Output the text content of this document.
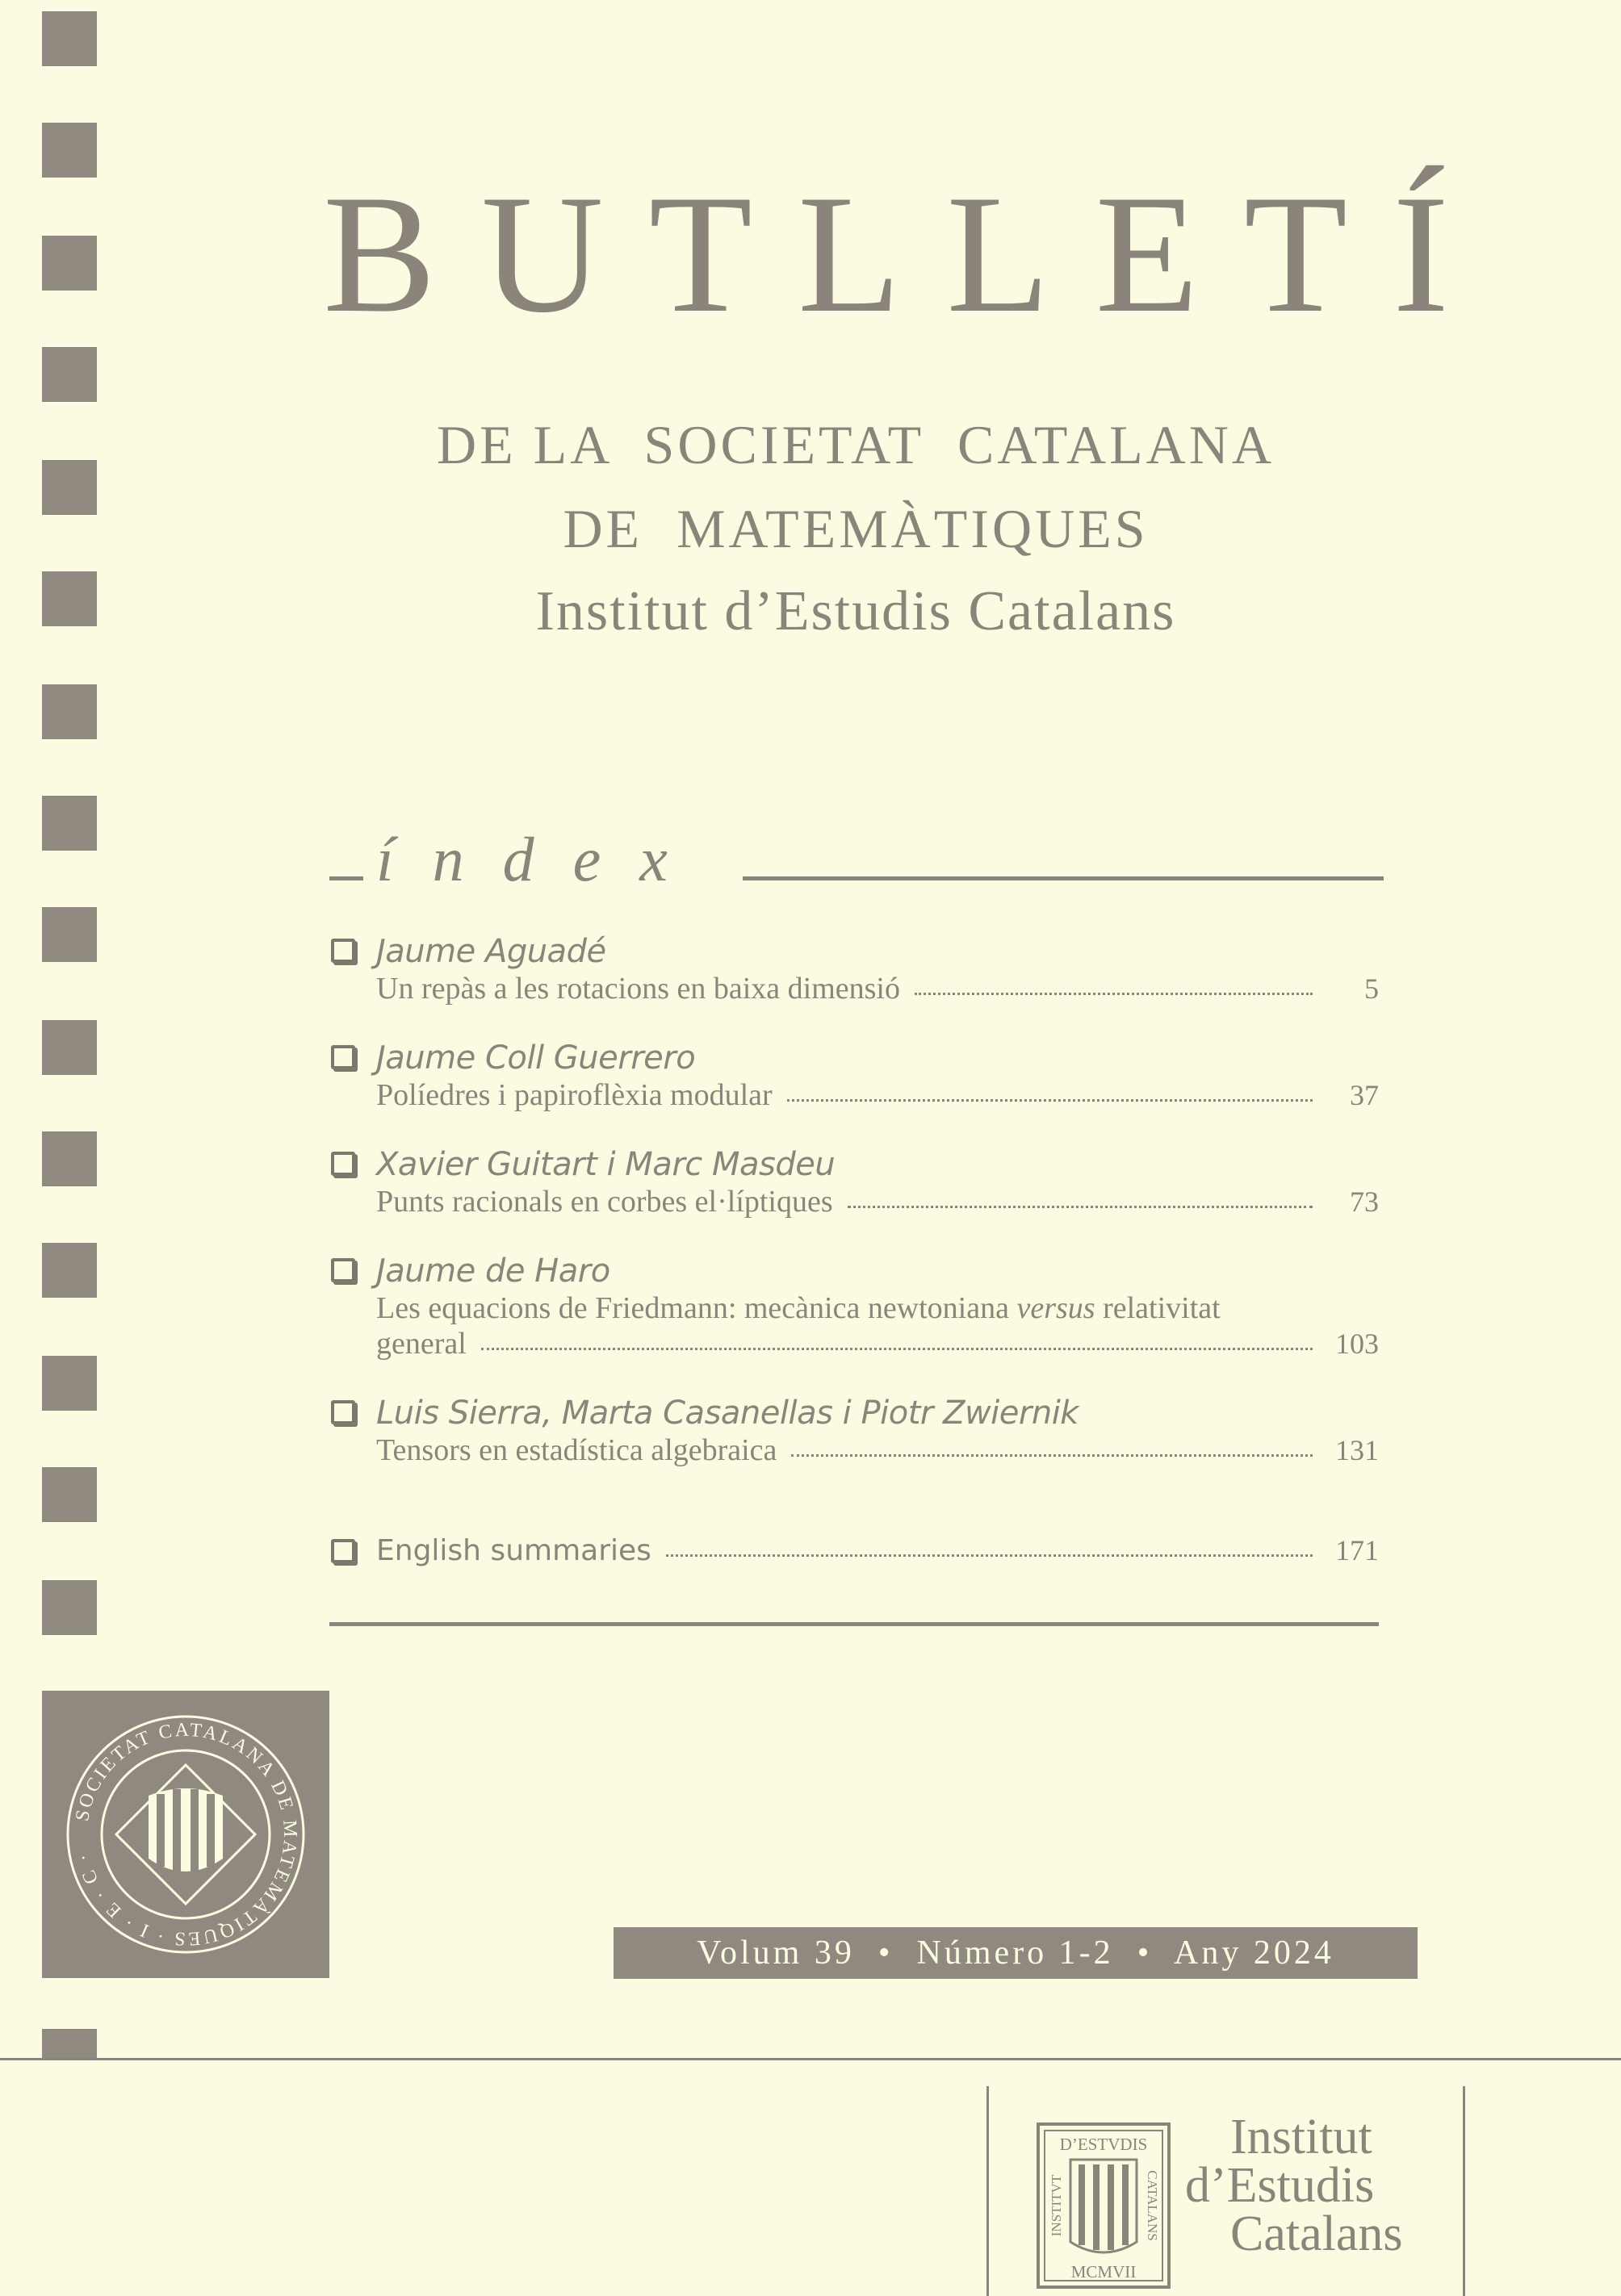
BUTLLETÍ
DE LA  SOCIETAT  CATALANA
DE  MATEMÀTIQUES
Institut d’Estudis Catalans
índex
Jaume Aguadé
Un repàs a les rotacions en baixa dimensió	5
Jaume Coll Guerrero
Políedres i papiroflèxia modular	37
Xavier Guitart i Marc Masdeu
Punts racionals en corbes el·líptiques	73
Jaume de Haro
Les equacions de Friedmann: mecànica newtoniana versus relativitat
general	103
Luis Sierra, Marta Casanellas i Piotr Zwiernik
Tensors en estadística algebraica	131
English summaries	171
SOCIETAT CATALANA DE MATEMÀTIQUES · I · E · C ·
Volum 39  •  Número 1-2  •  Any 2024
D’ESTVDIS
MCMVII
INSTITVT	CATALANS
Institut
d’Estudis
Catalans
